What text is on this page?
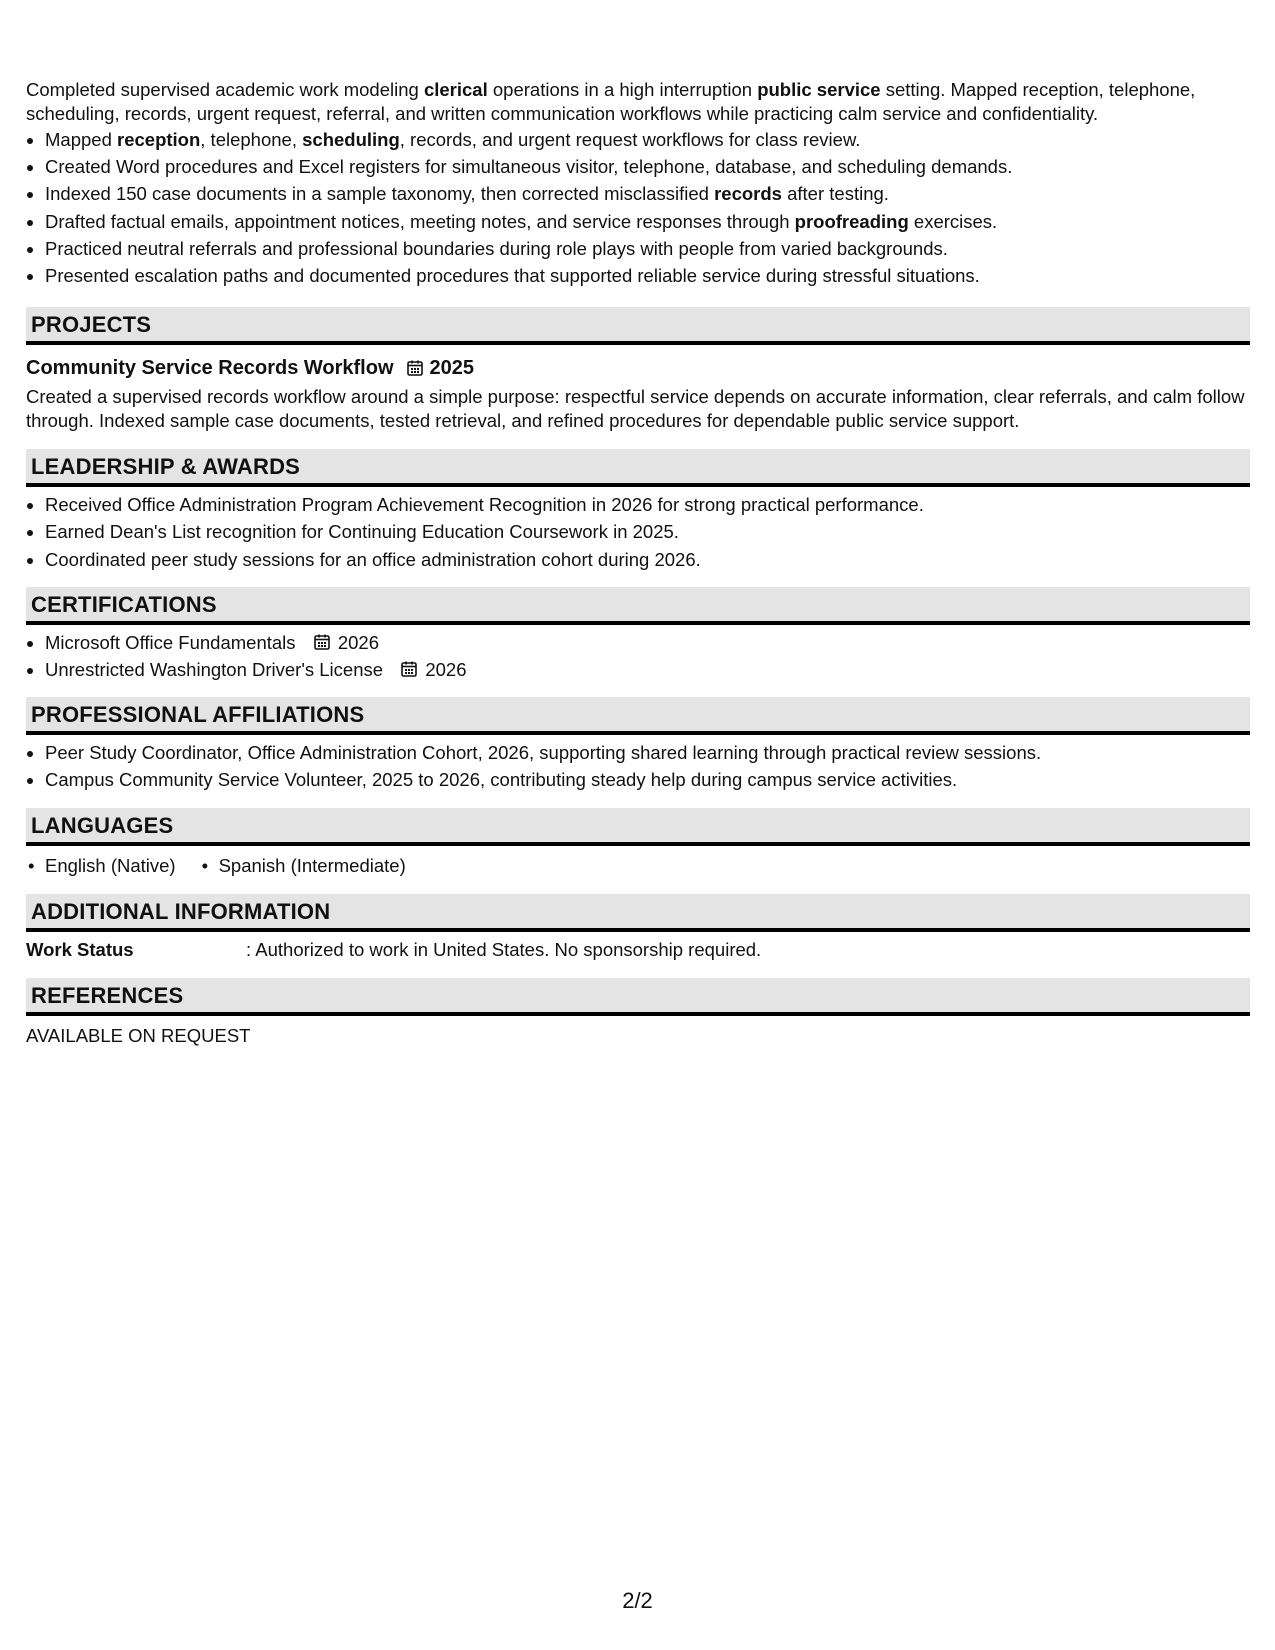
Completed supervised academic work modeling clerical operations in a high interruption public service setting. Mapped reception, telephone, scheduling, records, urgent request, referral, and written communication workflows while practicing calm service and confidentiality.

• Mapped reception, telephone, scheduling, records, and urgent request workflows for class review.
• Created Word procedures and Excel registers for simultaneous visitor, telephone, database, and scheduling demands.
• Indexed 150 case documents in a sample taxonomy, then corrected misclassified records after testing.
• Drafted factual emails, appointment notices, meeting notes, and service responses through proofreading exercises.
• Practiced neutral referrals and professional boundaries during role plays with people from varied backgrounds.
• Presented escalation paths and documented procedures that supported reliable service during stressful situations.
PROJECTS
Community Service Records Workflow 2025

Created a supervised records workflow around a simple purpose: respectful service depends on accurate information, clear referrals, and calm follow through. Indexed sample case documents, tested retrieval, and refined procedures for dependable public service support.

LEADERSHIP & AWARDS
• Received Office Administration Program Achievement Recognition in 2026 for strong practical performance.
• Earned Dean's List recognition for Continuing Education Coursework in 2025.
• Coordinated peer study sessions for an office administration cohort during 2026.
CERTIFICATIONS
• Microsoft Office Fundamentals 2026
• Unrestricted Washington Driver's License 2026
PROFESSIONAL AFFILIATIONS
• Peer Study Coordinator, Office Administration Cohort, 2026, supporting shared learning through practical review sessions.
• Campus Community Service Volunteer, 2025 to 2026, contributing steady help during campus service activities.
LANGUAGES
• English (Native)
•	Spanish (Intermediate)
ADDITIONAL INFORMATION
Work Status	: Authorized to work in United States. No sponsorship required.
REFERENCES

AVAILABLE ON REQUEST

2/2
